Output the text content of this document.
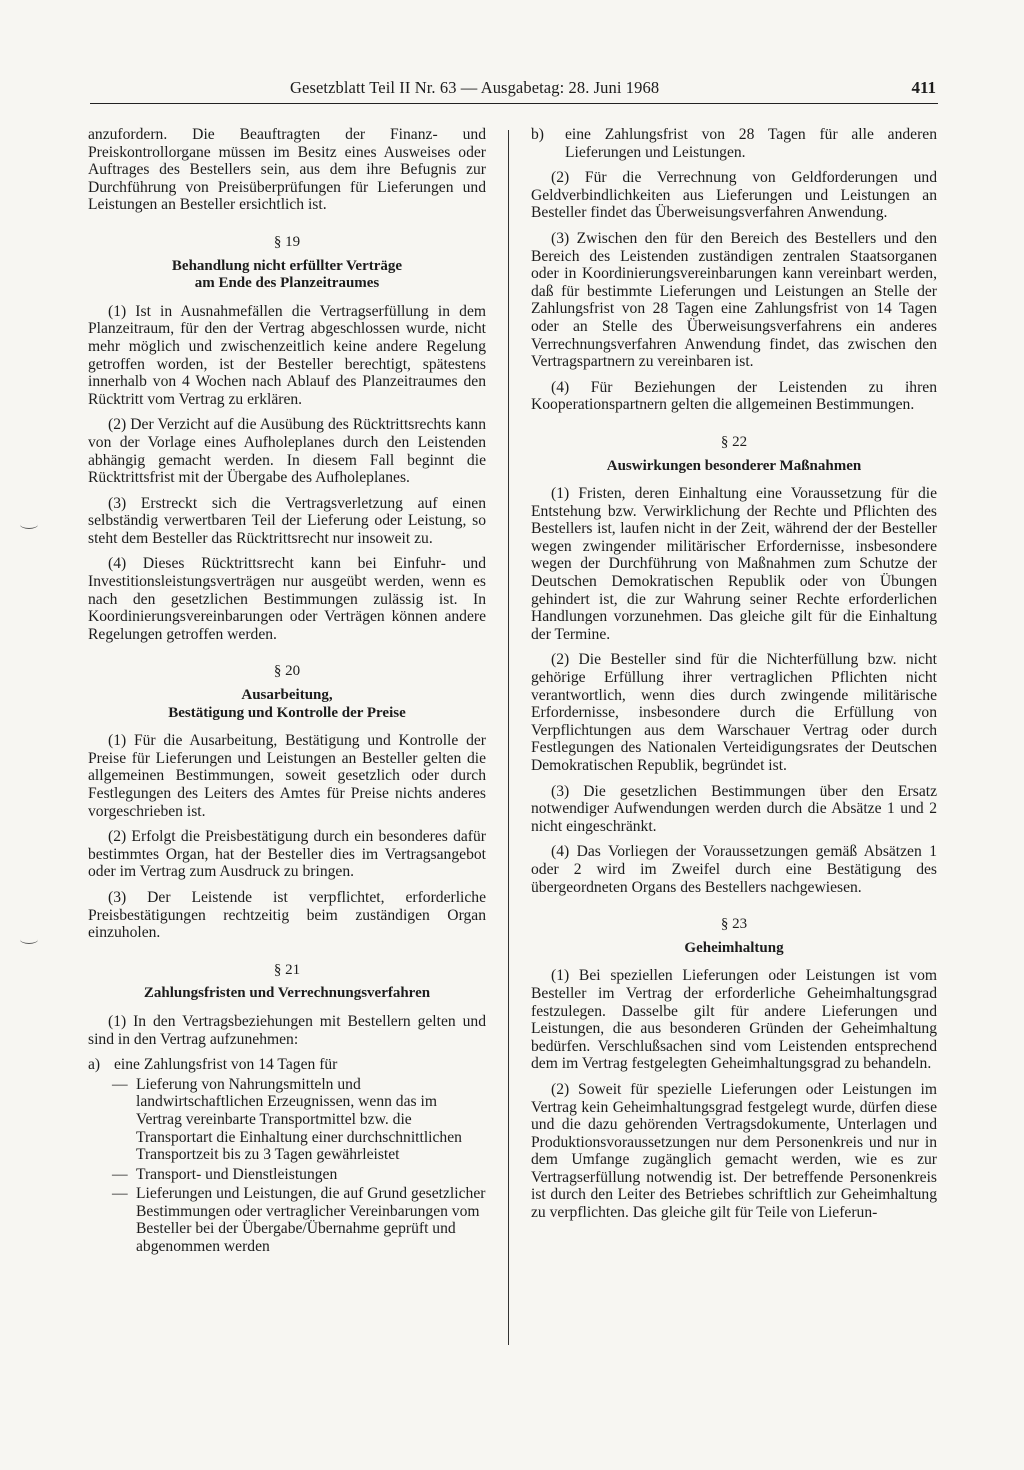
Gesetzblatt Teil II Nr. 63 — Ausgabetag: 28. Juni 1968	411

anzufordern. Die Beauftragten der Finanz- und Preiskontrollorgane müssen im Besitz eines Ausweises oder Auftrages des Bestellers sein, aus dem ihre Befugnis zur Durchführung von Preisüberprüfungen für Lieferungen und Leistungen an Besteller ersichtlich ist.

§ 19
Behandlung nicht erfüllter Verträge
am Ende des Planzeitraumes

(1) Ist in Ausnahmefällen die Vertragserfüllung in dem Planzeitraum, für den der Vertrag abgeschlossen wurde, nicht mehr möglich und zwischenzeitlich keine andere Regelung getroffen worden, ist der Besteller berechtigt, spätestens innerhalb von 4 Wochen nach Ablauf des Planzeitraumes den Rücktritt vom Vertrag zu erklären.

(2) Der Verzicht auf die Ausübung des Rücktrittsrechts kann von der Vorlage eines Aufholeplanes durch den Leistenden abhängig gemacht werden. In diesem Fall beginnt die Rücktrittsfrist mit der Übergabe des Aufholeplanes.

(3) Erstreckt sich die Vertragsverletzung auf einen selbständig verwertbaren Teil der Lieferung oder Leistung, so steht dem Besteller das Rücktrittsrecht nur insoweit zu.

(4) Dieses Rücktrittsrecht kann bei Einfuhr- und Investitionsleistungsverträgen nur ausgeübt werden, wenn es nach den gesetzlichen Bestimmungen zulässig ist. In Koordinierungsvereinbarungen oder Verträgen können andere Regelungen getroffen werden.

§ 20
Ausarbeitung,
Bestätigung und Kontrolle der Preise

(1) Für die Ausarbeitung, Bestätigung und Kontrolle der Preise für Lieferungen und Leistungen an Besteller gelten die allgemeinen Bestimmungen, soweit gesetzlich oder durch Festlegungen des Leiters des Amtes für Preise nichts anderes vorgeschrieben ist.

(2) Erfolgt die Preisbestätigung durch ein besonderes dafür bestimmtes Organ, hat der Besteller dies im Vertragsangebot oder im Vertrag zum Ausdruck zu bringen.

(3) Der Leistende ist verpflichtet, erforderliche Preisbestätigungen rechtzeitig beim zuständigen Organ einzuholen.

§ 21
Zahlungsfristen und Verrechnungsverfahren

(1) In den Vertragsbeziehungen mit Bestellern gelten und sind in den Vertrag aufzunehmen:

a) eine Zahlungsfrist von 14 Tagen für
— Lieferung von Nahrungsmitteln und landwirtschaftlichen Erzeugnissen, wenn das im Vertrag vereinbarte Transportmittel bzw. die Transportart die Einhaltung einer durchschnittlichen Transportzeit bis zu 3 Tagen gewährleistet
— Transport- und Dienstleistungen
— Lieferungen und Leistungen, die auf Grund gesetzlicher Bestimmungen oder vertraglicher Vereinbarungen vom Besteller bei der Übergabe/Übernahme geprüft und abgenommen werden
b)	eine Zahlungsfrist von 28 Tagen für alle anderen Lieferungen und Leistungen.

(2) Für die Verrechnung von Geldforderungen und Geldverbindlichkeiten aus Lieferungen und Leistungen an Besteller findet das Überweisungsverfahren Anwendung.

(3) Zwischen den für den Bereich des Bestellers und den Bereich des Leistenden zuständigen zentralen Staatsorganen oder in Koordinierungsvereinbarungen kann vereinbart werden, daß für bestimmte Lieferungen und Leistungen an Stelle der Zahlungsfrist von 28 Tagen eine Zahlungsfrist von 14 Tagen oder an Stelle des Überweisungsverfahrens ein anderes Verrechnungsverfahren Anwendung findet, das zwischen den Vertragspartnern zu vereinbaren ist.

(4) Für Beziehungen der Leistenden zu ihren Kooperationspartnern gelten die allgemeinen Bestimmungen.

§ 22
Auswirkungen besonderer Maßnahmen

(1) Fristen, deren Einhaltung eine Voraussetzung für die Entstehung bzw. Verwirklichung der Rechte und Pflichten des Bestellers ist, laufen nicht in der Zeit, während der der Besteller wegen zwingender militärischer Erfordernisse, insbesondere wegen der Durchführung von Maßnahmen zum Schutze der Deutschen Demokratischen Republik oder von Übungen gehindert ist, die zur Wahrung seiner Rechte erforderlichen Handlungen vorzunehmen. Das gleiche gilt für die Einhaltung der Termine.

(2) Die Besteller sind für die Nichterfüllung bzw. nicht gehörige Erfüllung ihrer vertraglichen Pflichten nicht verantwortlich, wenn dies durch zwingende militärische Erfordernisse, insbesondere durch die Erfüllung von Verpflichtungen aus dem Warschauer Vertrag oder durch Festlegungen des Nationalen Verteidigungsrates der Deutschen Demokratischen Republik, begründet ist.

(3) Die gesetzlichen Bestimmungen über den Ersatz notwendiger Aufwendungen werden durch die Absätze 1 und 2 nicht eingeschränkt.

(4) Das Vorliegen der Voraussetzungen gemäß Absätzen 1 oder 2 wird im Zweifel durch eine Bestätigung des übergeordneten Organs des Bestellers nachgewiesen.

§ 23
Geheimhaltung

(1) Bei speziellen Lieferungen oder Leistungen ist vom Besteller im Vertrag der erforderliche Geheimhaltungsgrad festzulegen. Dasselbe gilt für andere Lieferungen und Leistungen, die aus besonderen Gründen der Geheimhaltung bedürfen. Verschlußsachen sind vom Leistenden entsprechend dem im Vertrag festgelegten Geheimhaltungsgrad zu behandeln.

(2) Soweit für spezielle Lieferungen oder Leistungen im Vertrag kein Geheimhaltungsgrad festgelegt wurde, dürfen diese und die dazu gehörenden Vertragsdokumente, Unterlagen und Produktionsvoraussetzungen nur dem Personenkreis und nur in dem Umfange zugänglich gemacht werden, wie es zur Vertragserfüllung notwendig ist. Der betreffende Personenkreis ist durch den Leiter des Betriebes schriftlich zur Geheimhaltung zu verpflichten. Das gleiche gilt für Teile von Lieferun-
